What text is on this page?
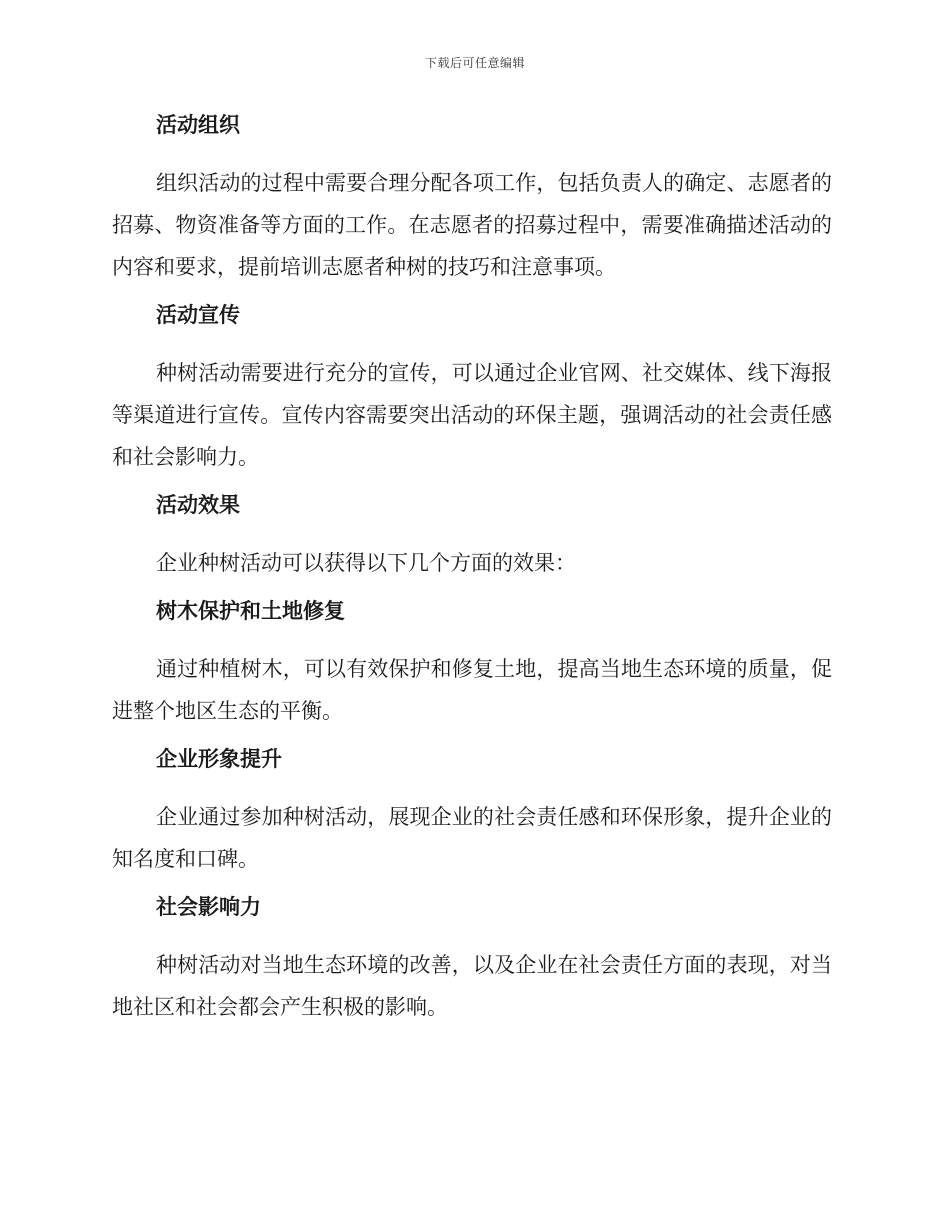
下载后可任意编辑
活动组织

组织活动的过程中需要合理分配各项工作，包括负责人的确定、志愿者的招募、物资准备等方面的工作。在志愿者的招募过程中，需要准确描述活动的内容和要求，提前培训志愿者种树的技巧和注意事项。

活动宣传

种树活动需要进行充分的宣传，可以通过企业官网、社交媒体、线下海报等渠道进行宣传。宣传内容需要突出活动的环保主题，强调活动的社会责任感和社会影响力。

活动效果

企业种树活动可以获得以下几个方面的效果：

树木保护和土地修复

通过种植树木，可以有效保护和修复土地，提高当地生态环境的质量，促进整个地区生态的平衡。

企业形象提升

企业通过参加种树活动，展现企业的社会责任感和环保形象，提升企业的知名度和口碑。

社会影响力

种树活动对当地生态环境的改善，以及企业在社会责任方面的表现，对当地社区和社会都会产生积极的影响。
